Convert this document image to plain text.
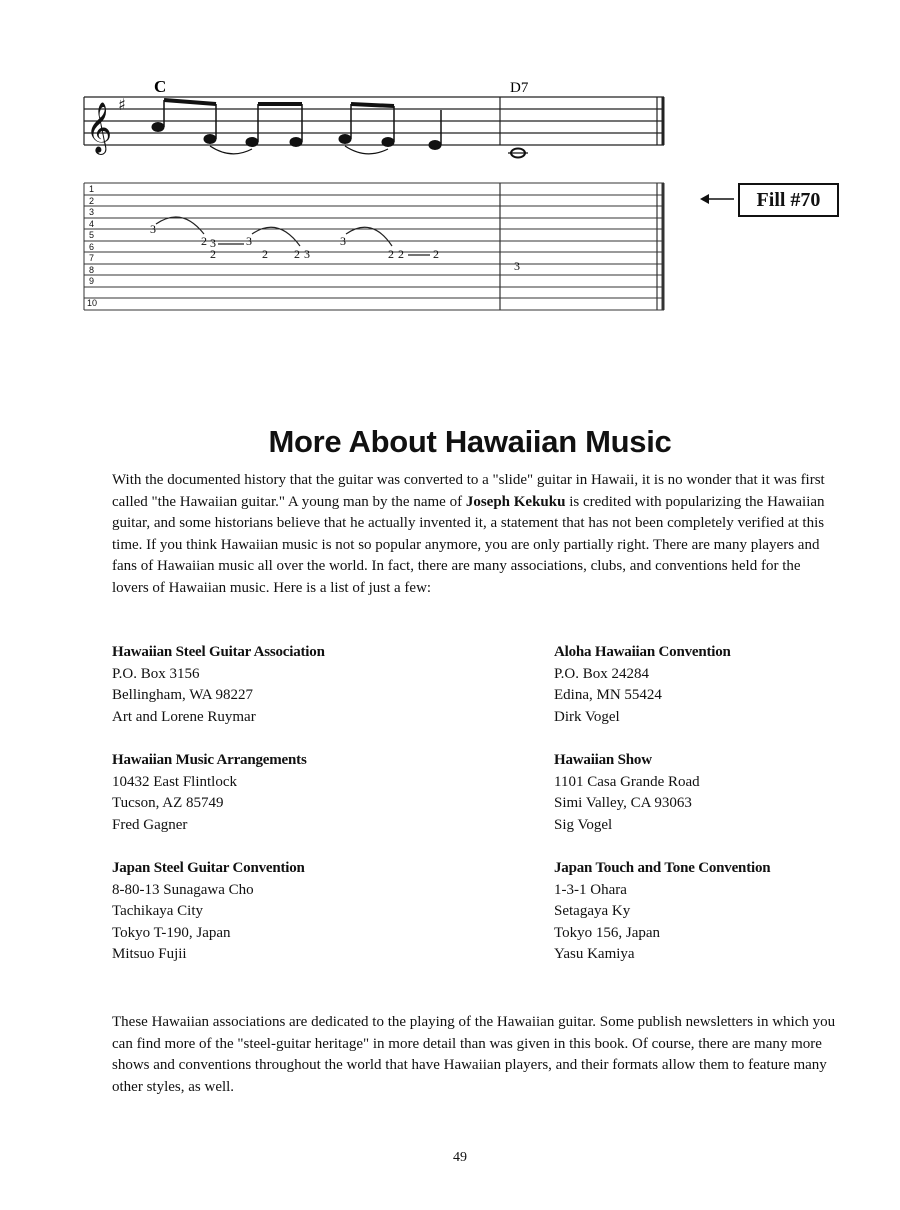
𝄞 ♯
C	D7
1
2
3
4
5
6
7
8
9
10
3
2 3
2
3
2 2 3
3
2 2 2
3
Fill #70
More About Hawaiian Music

With the documented history that the guitar was converted to a "slide" guitar in Hawaii, it is no wonder that it was first called "the Hawaiian guitar." A young man by the name of Joseph Kekuku is credited with popularizing the Hawaiian guitar, and some historians believe that he actually invented it, a statement that has not been completely verified at this time. If you think Hawaiian music is not so popular anymore, you are only partially right. There are many players and fans of Hawaiian music all over the world. In fact, there are many associations, clubs, and conventions held for the lovers of Hawaiian music. Here is a list of just a few:

Hawaiian Steel Guitar Association
P.O. Box 3156
Bellingham, WA 98227
Art and Lorene Ruymar
Aloha Hawaiian Convention
P.O. Box 24284
Edina, MN 55424
Dirk Vogel
Hawaiian Music Arrangements
10432 East Flintlock
Tucson, AZ 85749
Fred Gagner
Hawaiian Show
1101 Casa Grande Road
Simi Valley, CA 93063
Sig Vogel
Japan Steel Guitar Convention
8-80-13 Sunagawa Cho
Tachikaya City
Tokyo T-190, Japan
Mitsuo Fujii
Japan Touch and Tone Convention
1-3-1 Ohara
Setagaya Ky
Tokyo 156, Japan
Yasu Kamiya

These Hawaiian associations are dedicated to the playing of the Hawaiian guitar. Some publish newsletters in which you can find more of the "steel-guitar heritage" in more detail than was given in this book. Of course, there are many more shows and conventions throughout the world that have Hawaiian players, and their formats allow them to feature many other styles, as well.

49
